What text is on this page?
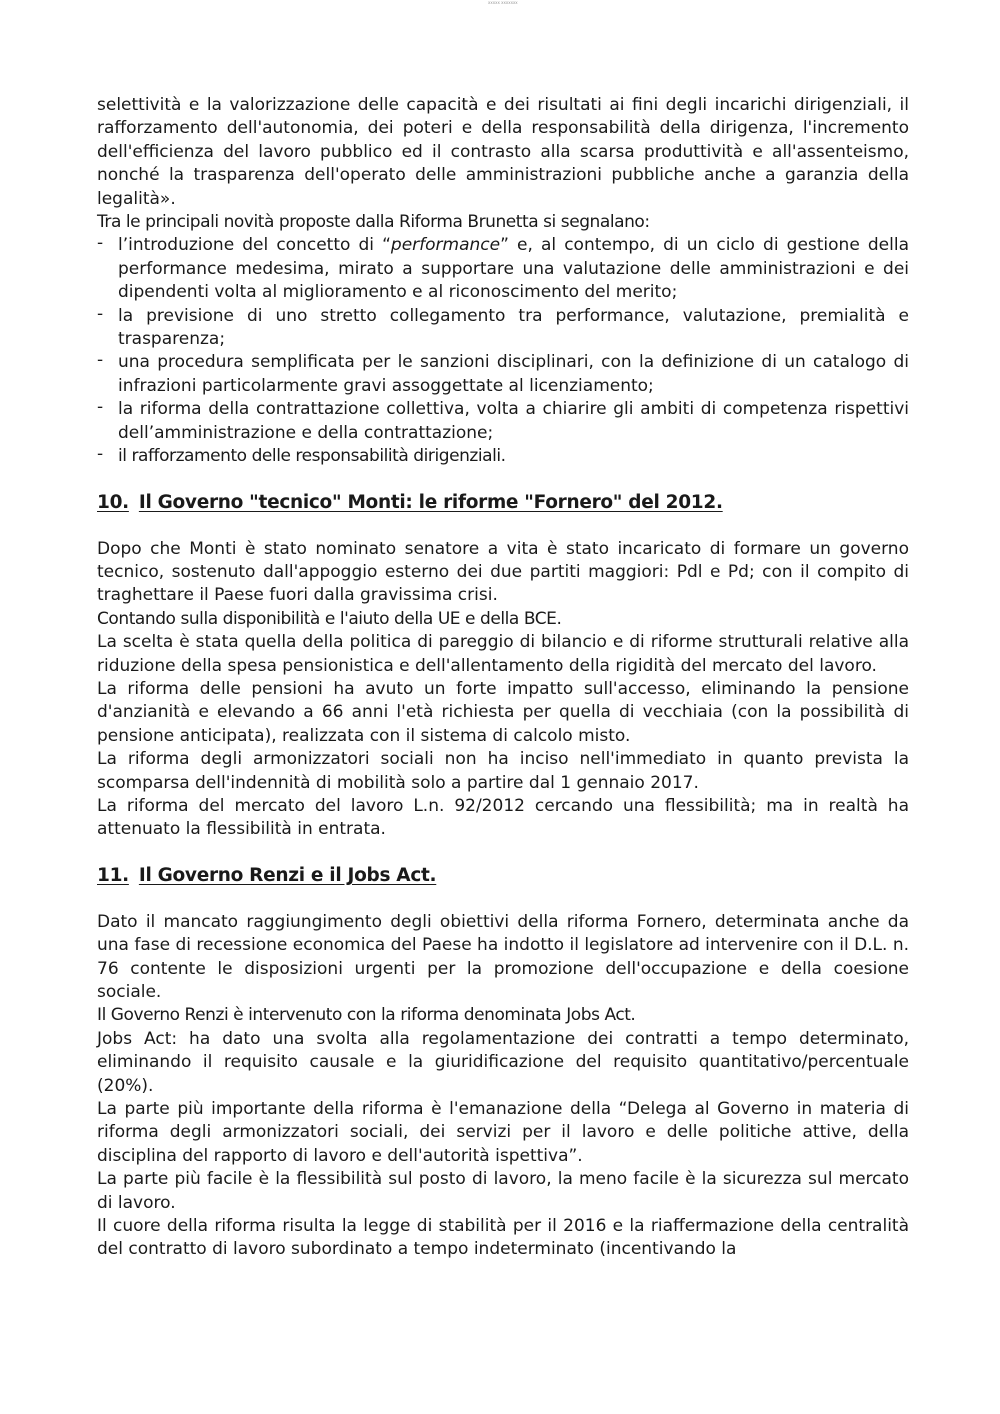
xxxxx xxxxxxx

selettività e la valorizzazione delle capacità e dei risultati ai fini degli incarichi dirigenziali, il rafforzamento dell'autonomia, dei poteri e della responsabilità della dirigenza, l'incremento dell'efficienza del lavoro pubblico ed il contrasto alla scarsa produttività e all'assenteismo, nonché la trasparenza dell'operato delle amministrazioni pubbliche anche a garanzia della legalità».

Tra le principali novità proposte dalla Riforma Brunetta si segnalano:

- l’introduzione del concetto di “performance” e, al contempo, di un ciclo di gestione della performance medesima, mirato a supportare una valutazione delle amministrazioni e dei dipendenti volta al miglioramento e al riconoscimento del merito;
- la previsione di uno stretto collegamento tra performance, valutazione, premialità e trasparenza;
- una procedura semplificata per le sanzioni disciplinari, con la definizione di un catalogo di infrazioni particolarmente gravi assoggettate al licenziamento;
- la riforma della contrattazione collettiva, volta a chiarire gli ambiti di competenza rispettivi dell’amministrazione e della contrattazione;
- il rafforzamento delle responsabilità dirigenziali.
10. Il Governo "tecnico" Monti: le riforme "Fornero" del 2012.

Dopo che Monti è stato nominato senatore a vita è stato incaricato di formare un governo tecnico, sostenuto dall'appoggio esterno dei due partiti maggiori: Pdl e Pd; con il compito di traghettare il Paese fuori dalla gravissima crisi.

Contando sulla disponibilità e l'aiuto della UE e della BCE.

La scelta è stata quella della politica di pareggio di bilancio e di riforme strutturali relative alla riduzione della spesa pensionistica e dell'allentamento della rigidità del mercato del lavoro.

La riforma delle pensioni ha avuto un forte impatto sull'accesso, eliminando la pensione d'anzianità e elevando a 66 anni l'età richiesta per quella di vecchiaia (con la possibilità di pensione anticipata), realizzata con il sistema di calcolo misto.

La riforma degli armonizzatori sociali non ha inciso nell'immediato in quanto prevista la scomparsa dell'indennità di mobilità solo a partire dal 1 gennaio 2017.

La riforma del mercato del lavoro L.n. 92/2012 cercando una flessibilità; ma in realtà ha attenuato la flessibilità in entrata.

11. Il Governo Renzi e il Jobs Act.

Dato il mancato raggiungimento degli obiettivi della riforma Fornero, determinata anche da una fase di recessione economica del Paese ha indotto il legislatore ad intervenire con il D.L. n. 76 contente le disposizioni urgenti per la promozione dell'occupazione e della coesione sociale.

Il Governo Renzi è intervenuto con la riforma denominata Jobs Act.

Jobs Act: ha dato una svolta alla regolamentazione dei contratti a tempo determinato, eliminando il requisito causale e la giuridificazione del requisito quantitativo/percentuale (20%).

La parte più importante della riforma è l'emanazione della “Delega al Governo in materia di riforma degli armonizzatori sociali, dei servizi per il lavoro e delle politiche attive, della disciplina del rapporto di lavoro e dell'autorità ispettiva”.

La parte più facile è la flessibilità sul posto di lavoro, la meno facile è la sicurezza sul mercato di lavoro.

Il cuore della riforma risulta la legge di stabilità per il 2016 e la riaffermazione della centralità del contratto di lavoro subordinato a tempo indeterminato (incentivando la
